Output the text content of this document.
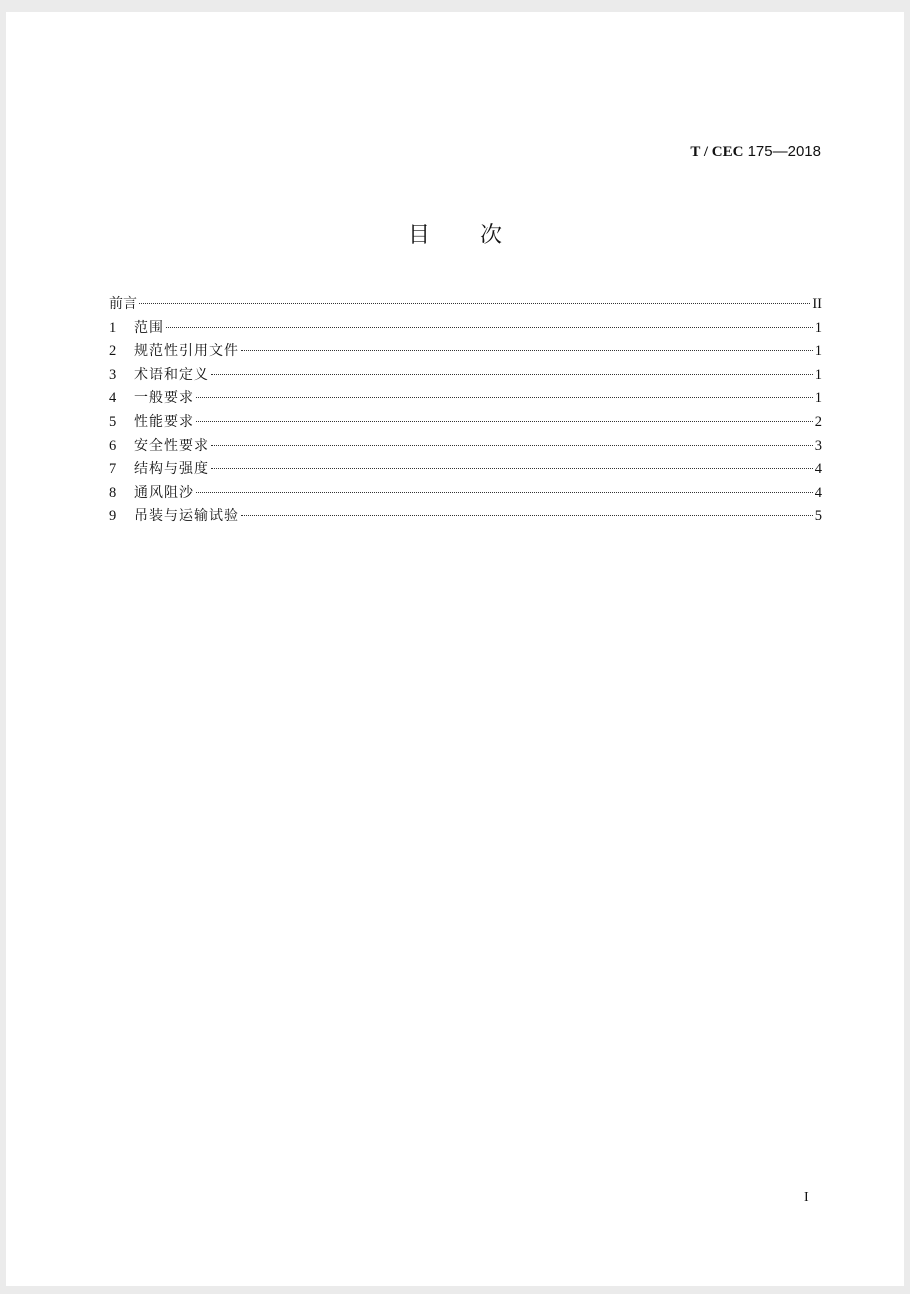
T / CEC 175—2018
目 次
前言	II
1	范围	1
2	规范性引用文件	1
3	术语和定义	1
4	一般要求	1
5	性能要求	2
6	安全性要求	3
7	结构与强度	4
8	通风阻沙	4
9	吊装与运输试验	5
I
